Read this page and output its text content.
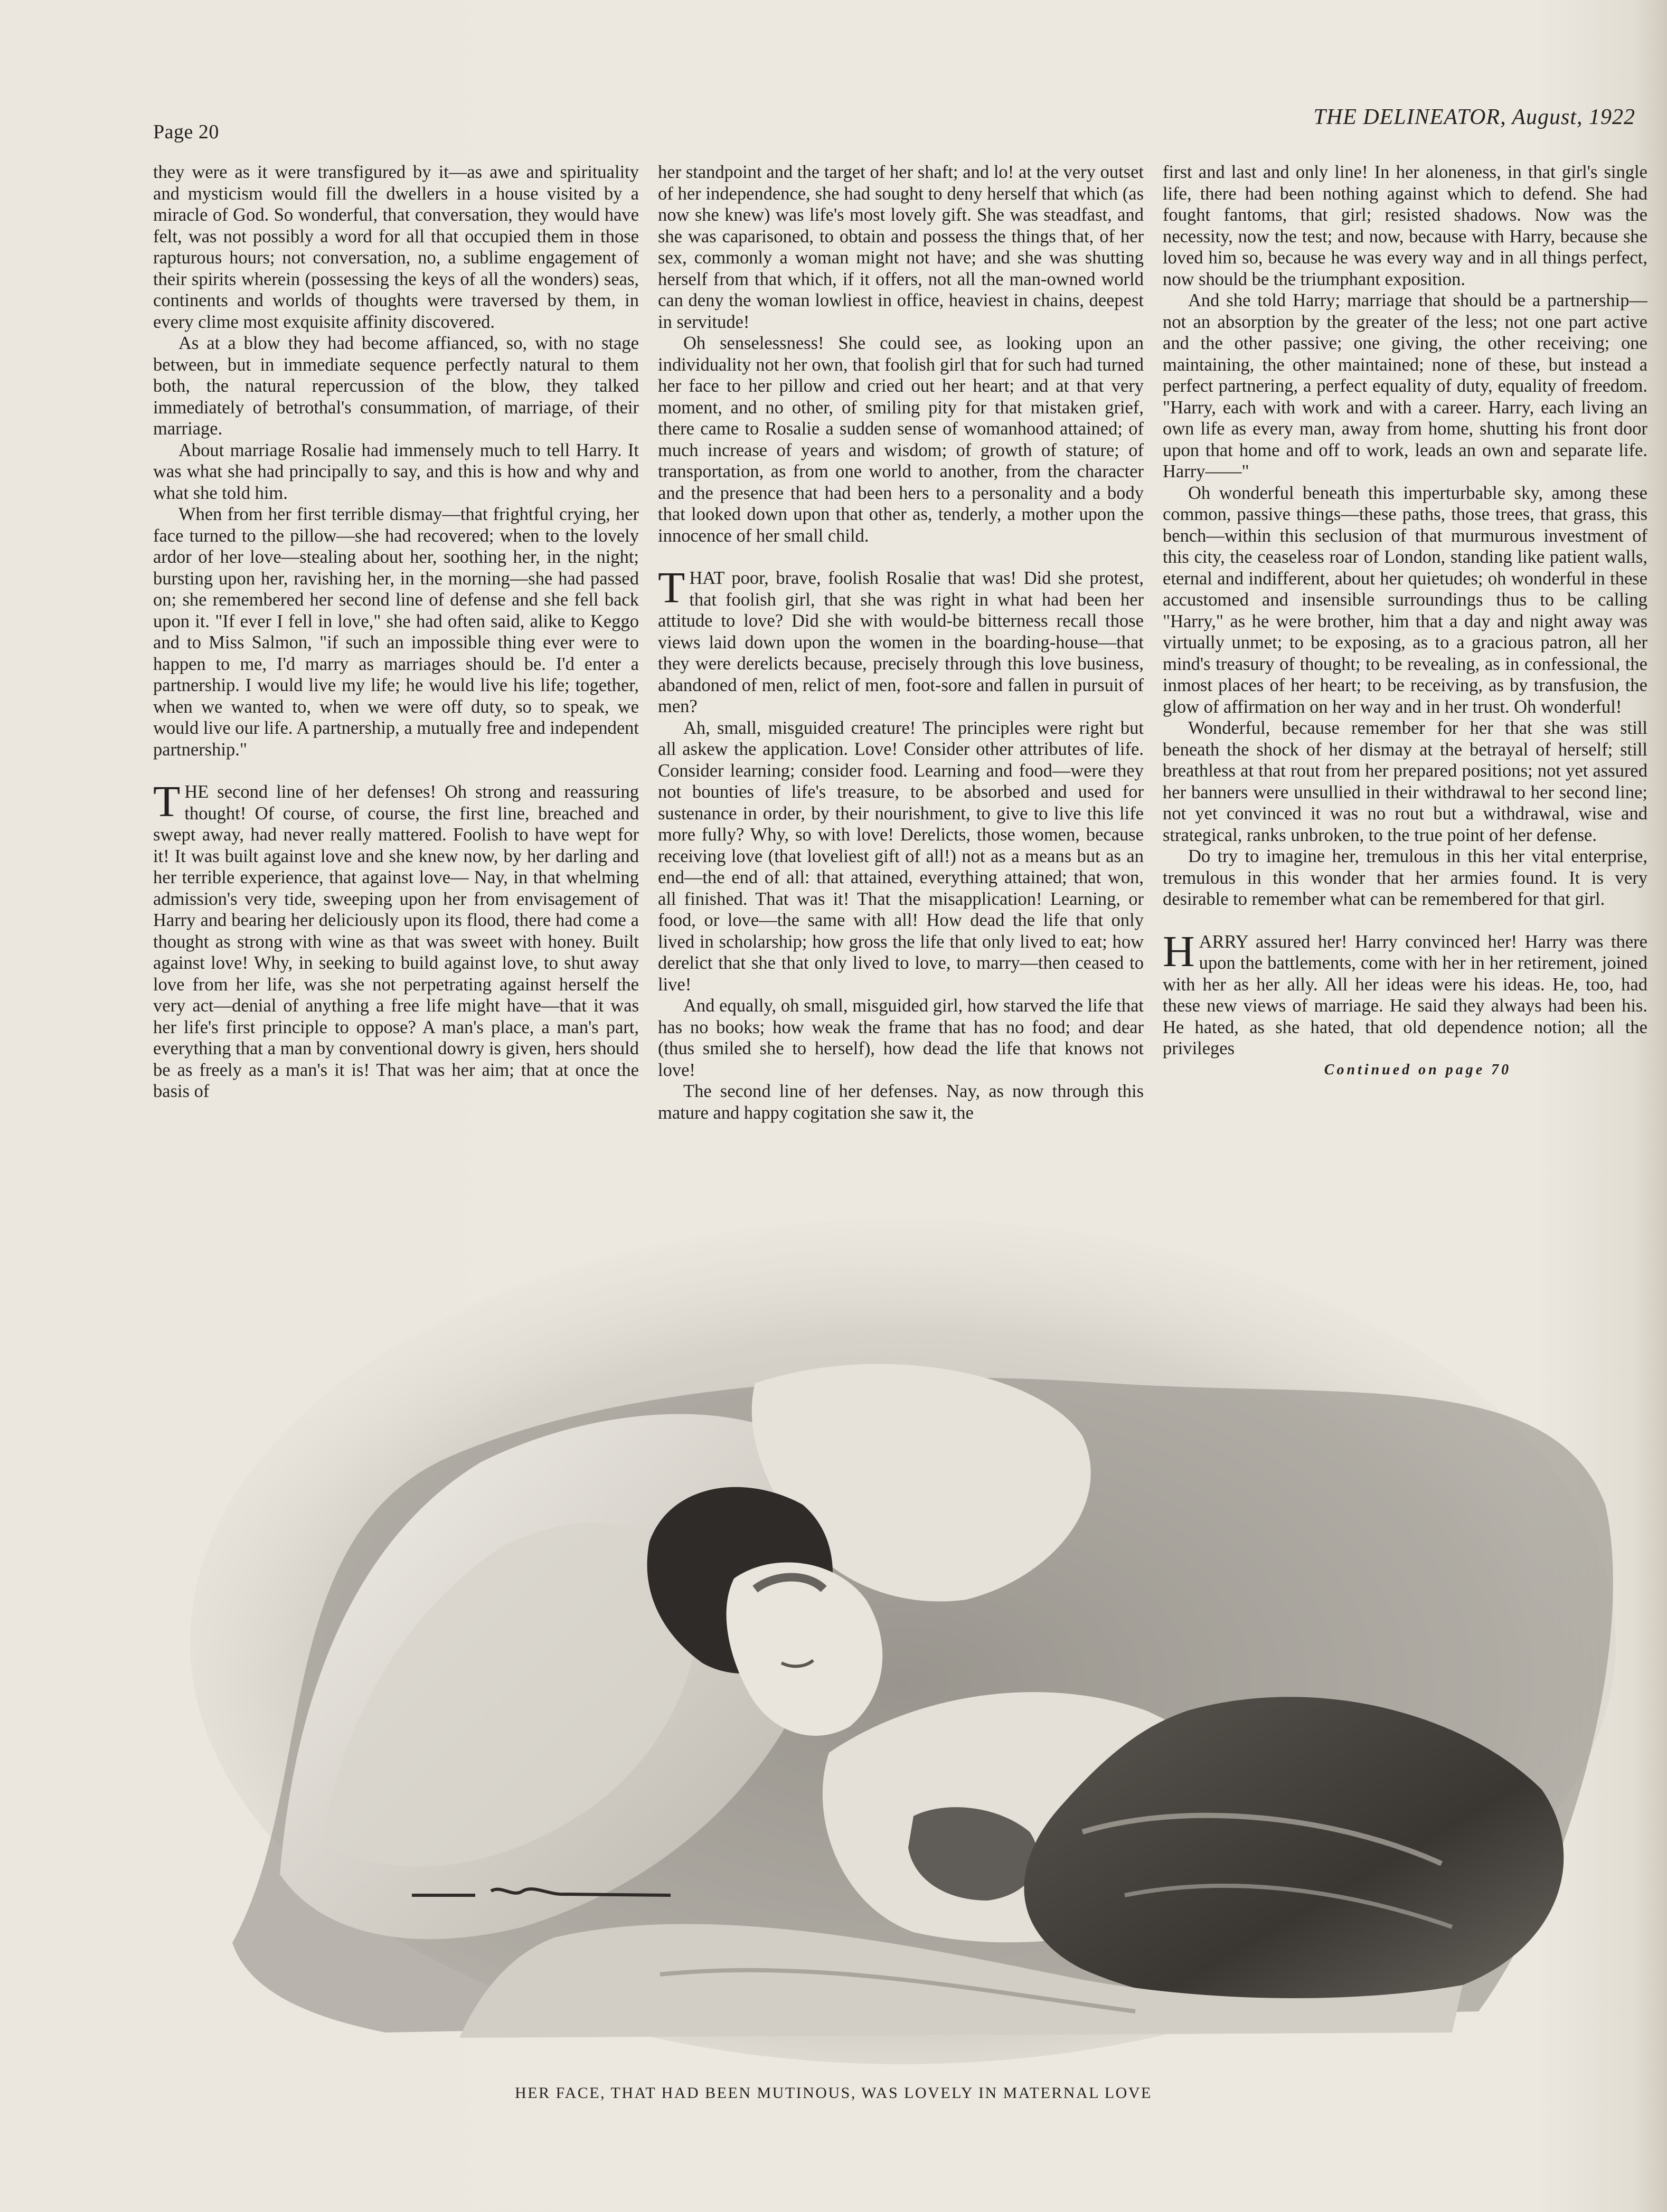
Page 20
THE DELINEATOR, August, 1922

they were as it were transfigured by it—as awe and spirituality and mysticism would fill the dwellers in a house visited by a miracle of God. So wonderful, that conversation, they would have felt, was not possibly a word for all that occupied them in those rapturous hours; not conversation, no, a sublime engagement of their spirits wherein (possessing the keys of all the wonders) seas, continents and worlds of thoughts were traversed by them, in every clime most exquisite affinity discovered.

As at a blow they had become affianced, so, with no stage between, but in immediate sequence perfectly natural to them both, the natural repercussion of the blow, they talked immediately of betrothal's consummation, of marriage, of their marriage.

About marriage Rosalie had immensely much to tell Harry. It was what she had principally to say, and this is how and why and what she told him.

When from her first terrible dismay—that frightful crying, her face turned to the pillow—she had recovered; when to the lovely ardor of her love—stealing about her, soothing her, in the night; bursting upon her, ravishing her, in the morning—she had passed on; she remembered her second line of defense and she fell back upon it. "If ever I fell in love," she had often said, alike to Keggo and to Miss Salmon, "if such an impossible thing ever were to happen to me, I'd marry as marriages should be. I'd enter a partnership. I would live my life; he would live his life; together, when we wanted to, when we were off duty, so to speak, we would live our life. A partnership, a mutually free and independent partnership."

THE second line of her defenses! Oh strong and reassuring thought! Of course, of course, the first line, breached and swept away, had never really mattered. Foolish to have wept for it! It was built against love and she knew now, by her darling and her terrible experience, that against love— Nay, in that whelming admission's very tide, sweeping upon her from envisagement of Harry and bearing her deliciously upon its flood, there had come a thought as strong with wine as that was sweet with honey. Built against love! Why, in seeking to build against love, to shut away love from her life, was she not perpetrating against herself the very act—denial of anything a free life might have—that it was her life's first principle to oppose? A man's place, a man's part, everything that a man by conventional dowry is given, hers should be as freely as a man's it is! That was her aim; that at once the basis of

her standpoint and the target of her shaft; and lo! at the very outset of her independence, she had sought to deny herself that which (as now she knew) was life's most lovely gift. She was steadfast, and she was caparisoned, to obtain and possess the things that, of her sex, commonly a woman might not have; and she was shutting herself from that which, if it offers, not all the man-owned world can deny the woman lowliest in office, heaviest in chains, deepest in servitude!

Oh senselessness! She could see, as looking upon an individuality not her own, that foolish girl that for such had turned her face to her pillow and cried out her heart; and at that very moment, and no other, of smiling pity for that mistaken grief, there came to Rosalie a sudden sense of womanhood attained; of much increase of years and wisdom; of growth of stature; of transportation, as from one world to another, from the character and the presence that had been hers to a personality and a body that looked down upon that other as, tenderly, a mother upon the innocence of her small child.

THAT poor, brave, foolish Rosalie that was! Did she protest, that foolish girl, that she was right in what had been her attitude to love? Did she with would-be bitterness recall those views laid down upon the women in the boarding-house—that they were derelicts because, precisely through this love business, abandoned of men, relict of men, foot-sore and fallen in pursuit of men?

Ah, small, misguided creature! The principles were right but all askew the application. Love! Consider other attributes of life. Consider learning; consider food. Learning and food—were they not bounties of life's treasure, to be absorbed and used for sustenance in order, by their nourishment, to give to live this life more fully? Why, so with love! Derelicts, those women, because receiving love (that loveliest gift of all!) not as a means but as an end—the end of all: that attained, everything attained; that won, all finished. That was it! That the misapplication! Learning, or food, or love—the same with all! How dead the life that only lived in scholarship; how gross the life that only lived to eat; how derelict that she that only lived to love, to marry—then ceased to live!

And equally, oh small, misguided girl, how starved the life that has no books; how weak the frame that has no food; and dear (thus smiled she to herself), how dead the life that knows not love!

The second line of her defenses. Nay, as now through this mature and happy cogitation she saw it, the

first and last and only line! In her aloneness, in that girl's single life, there had been nothing against which to defend. She had fought fantoms, that girl; resisted shadows. Now was the necessity, now the test; and now, because with Harry, because she loved him so, because he was every way and in all things perfect, now should be the triumphant exposition.

And she told Harry; marriage that should be a partnership—not an absorption by the greater of the less; not one part active and the other passive; one giving, the other receiving; one maintaining, the other maintained; none of these, but instead a perfect partnering, a perfect equality of duty, equality of freedom. "Harry, each with work and with a career. Harry, each living an own life as every man, away from home, shutting his front door upon that home and off to work, leads an own and separate life. Harry——"

Oh wonderful beneath this imperturbable sky, among these common, passive things—these paths, those trees, that grass, this bench—within this seclusion of that murmurous investment of this city, the ceaseless roar of London, standing like patient walls, eternal and indifferent, about her quietudes; oh wonderful in these accustomed and insensible surroundings thus to be calling "Harry," as he were brother, him that a day and night away was virtually unmet; to be exposing, as to a gracious patron, all her mind's treasury of thought; to be revealing, as in confessional, the inmost places of her heart; to be receiving, as by transfusion, the glow of affirmation on her way and in her trust. Oh wonderful!

Wonderful, because remember for her that she was still beneath the shock of her dismay at the betrayal of herself; still breathless at that rout from her prepared positions; not yet assured her banners were unsullied in their withdrawal to her second line; not yet convinced it was no rout but a withdrawal, wise and strategical, ranks unbroken, to the true point of her defense.

Do try to imagine her, tremulous in this her vital enterprise, tremulous in this wonder that her armies found. It is very desirable to remember what can be remembered for that girl.

HARRY assured her! Harry convinced her! Harry was there upon the battlements, come with her in her retirement, joined with her as her ally. All her ideas were his ideas. He, too, had these new views of marriage. He said they always had been his. He hated, as she hated, that old dependence notion; all the privileges

Continued on page 70

HER FACE, THAT HAD BEEN MUTINOUS, WAS LOVELY IN MATERNAL LOVE
